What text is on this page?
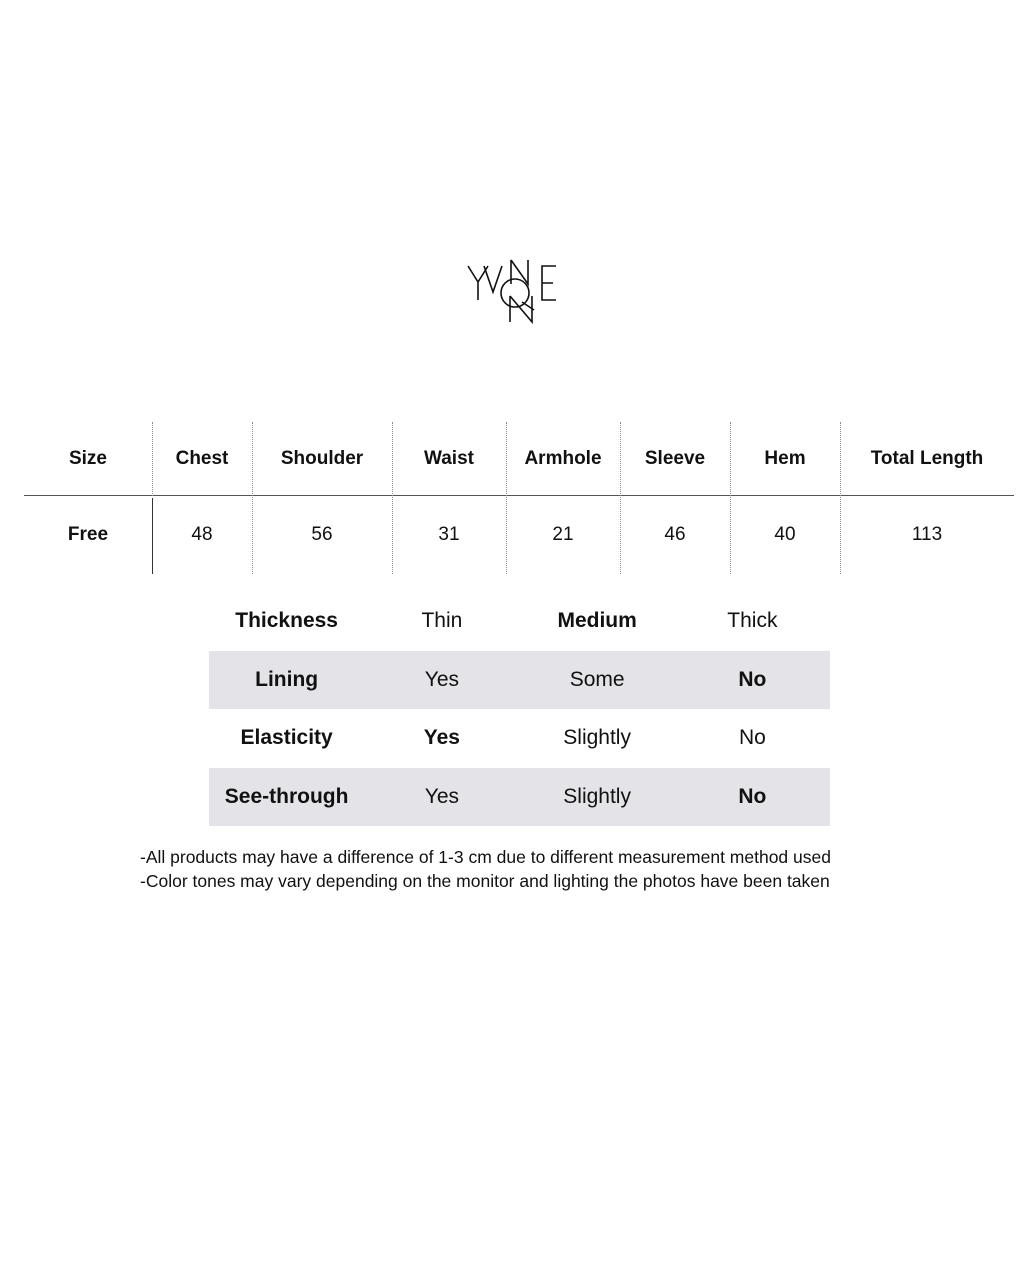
Size	Chest	Shoulder	Waist	Armhole	Sleeve	Hem	Total Length
Free	48	56	31	21	46	40	113
Thickness	Thin	Medium	Thick
Lining	Yes	Some	No
Elasticity	Yes	Slightly	No
See-through	Yes	Slightly	No
-All products may have a difference of 1-3 cm due to different measurement method used
-Color tones may vary depending on the monitor and lighting the photos have been taken
